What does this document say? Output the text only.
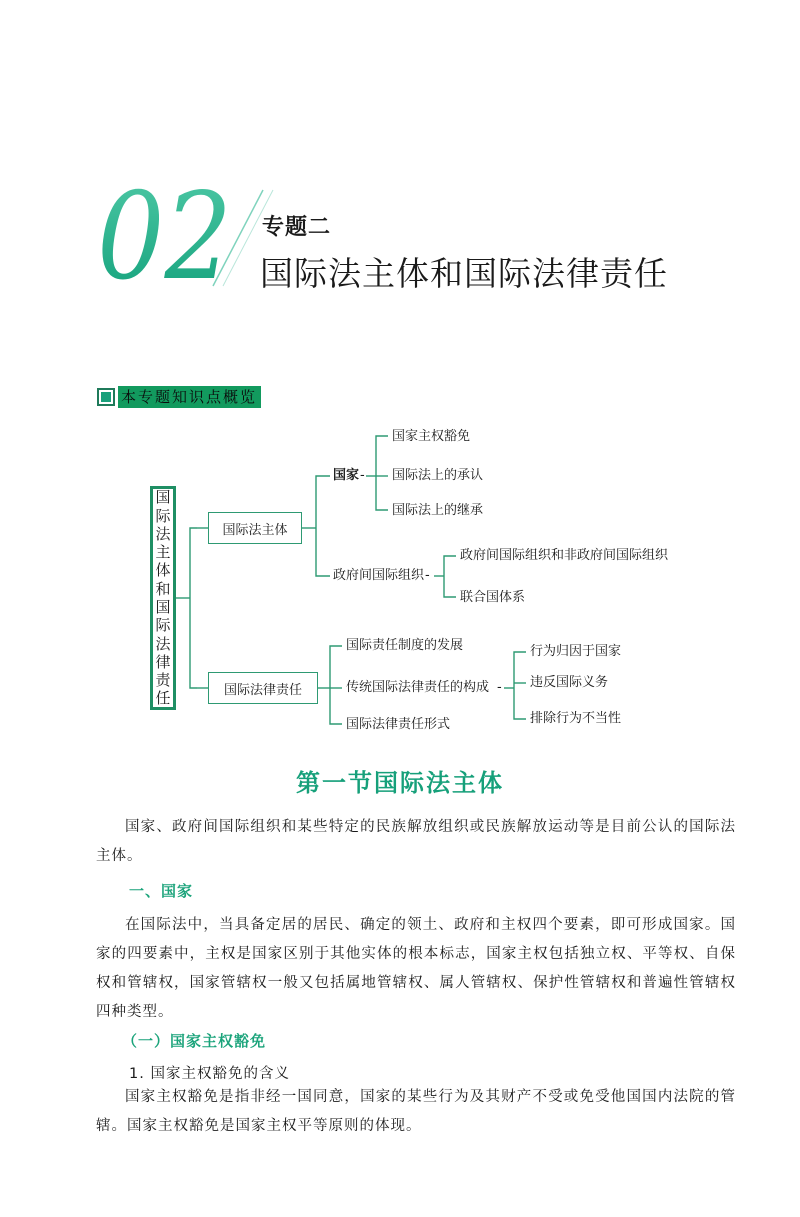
02 专题二
国际法主体和国际法律责任
本专题知识点概览
国
际
法
主
体
和
国
际
法
律
责
任
国际法主体
国际法律责任
国家 -
政府间国际组织 -
国家主权豁免
国际法上的承认
国际法上的继承
政府间国际组织和非政府间国际组织
联合国体系
国际责任制度的发展
传统国际法律责任的构成 -
国际法律责任形式
行为归因于国家
违反国际义务
排除行为不当性
第一节国际法主体
国家、政府间国际组织和某些特定的民族解放组织或民族解放运动等是目前公认的国际法主体。
一、国家
在国际法中，当具备定居的居民、确定的领土、政府和主权四个要素，即可形成国家。国家的四要素中，主权是国家区别于其他实体的根本标志，国家主权包括独立权、平等权、自保权和管辖权，国家管辖权一般又包括属地管辖权、属人管辖权、保护性管辖权和普遍性管辖权四种类型。
（一）国家主权豁免
1. 国家主权豁免的含义
国家主权豁免是指非经一国同意，国家的某些行为及其财产不受或免受他国国内法院的管辖。国家主权豁免是国家主权平等原则的体现。
